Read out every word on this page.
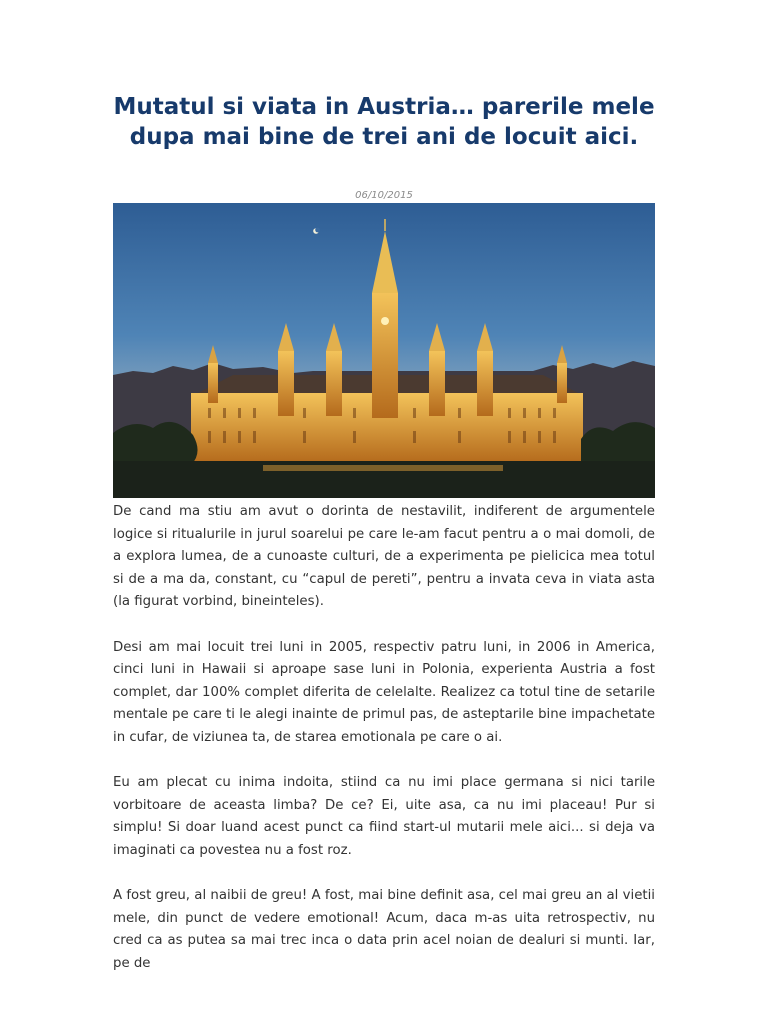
Mutatul si viata in Austria… parerile mele dupa mai bine de trei ani de locuit aici.
06/10/2015

De cand ma stiu am avut o dorinta de nestavilit, indiferent de argumentele logice si ritualurile in jurul soarelui pe care le-am facut pentru a o mai domoli, de a explora lumea, de a cunoaste culturi, de a experimenta pe pielicica mea totul si de a ma da, constant, cu “capul de pereti”, pentru a invata ceva in viata asta (la figurat vorbind, bineinteles).

Desi am mai locuit trei luni in 2005, respectiv patru luni, in 2006 in America, cinci luni in Hawaii si aproape sase luni in Polonia, experienta Austria a fost complet, dar 100% complet diferita de celelalte. Realizez ca totul tine de setarile mentale pe care ti le alegi inainte de primul pas, de asteptarile bine impachetate in cufar, de viziunea ta, de starea emotionala pe care o ai.

Eu am plecat cu inima indoita, stiind ca nu imi place germana si nici tarile vorbitoare de aceasta limba? De ce? Ei, uite asa, ca nu imi placeau! Pur si simplu! Si doar luand acest punct ca fiind start-ul mutarii mele aici... si deja va imaginati ca povestea nu a fost roz.

A fost greu, al naibii de greu! A fost, mai bine definit asa, cel mai greu an al vietii mele, din punct de vedere emotional! Acum, daca m-as uita retrospectiv, nu cred ca as putea sa mai trec inca o data prin acel noian de dealuri si munti. Iar, pe de
